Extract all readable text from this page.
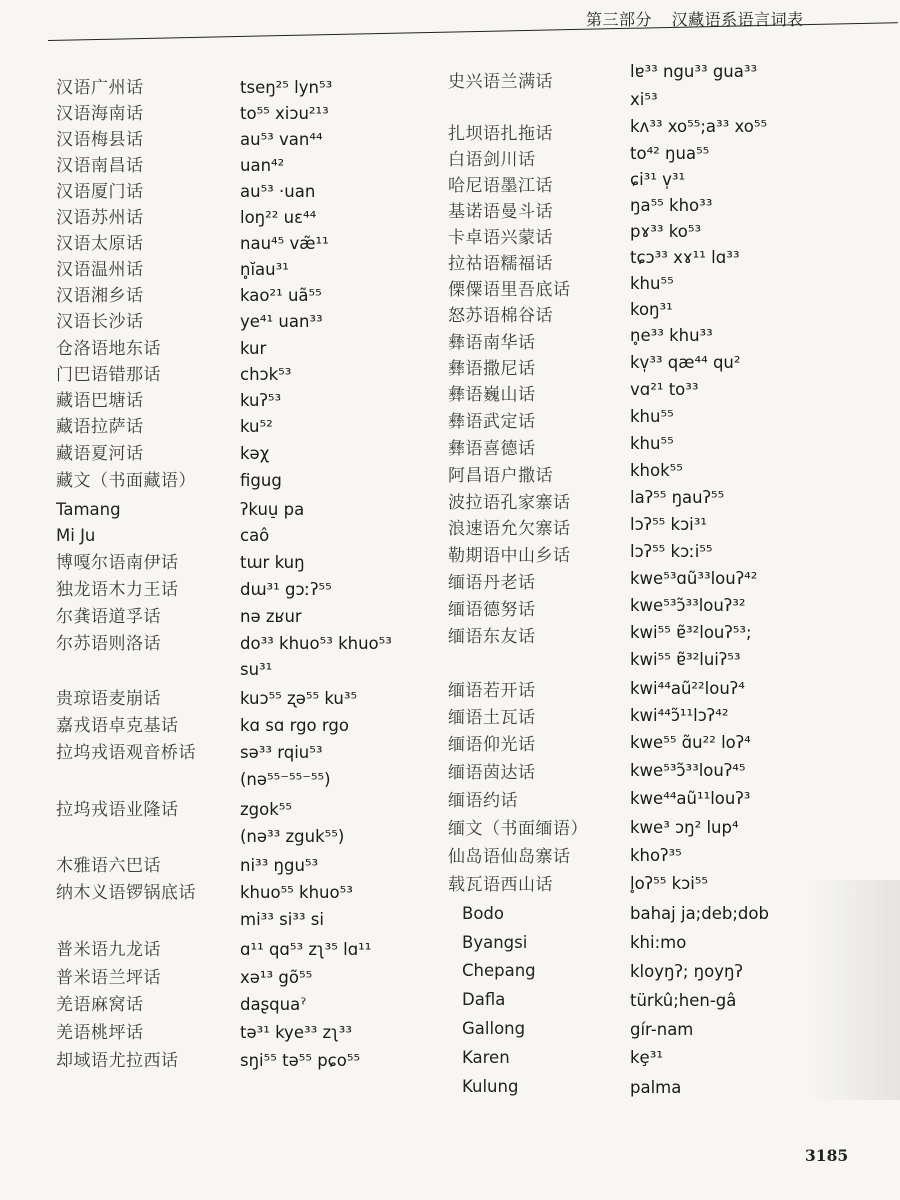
第三部分 汉藏语系语言词表
汉语广州话
汉语海南话
汉语梅县话
汉语南昌话
汉语厦门话
汉语苏州话
汉语太原话
汉语温州话
汉语湘乡话
汉语长沙话
仓洛语地东话
门巴语错那话
藏语巴塘话
藏语拉萨话
藏语夏河话
藏文（书面藏语）
Tamang
Mi Ju
博嘎尔语南伊话
独龙语木力王话
尔龚语道孚话
尔苏语则洛话
贵琼语麦崩话
嘉戎语卓克基话
拉坞戎语观音桥话
拉坞戎语业隆话
木雅语六巴话
纳木义语锣锅底话
普米语九龙话
普米语兰坪话
羌语麻窝话
羌语桃坪话
却域语尤拉西话
tseŋ²⁵ lyn⁵³
to⁵⁵ xiɔu²¹³
au⁵³ van⁴⁴
uan⁴²
au⁵³ ·uan
loŋ²² uɛ⁴⁴
nau⁴⁵ væ̃¹¹
n̥ĭau³¹
kao²¹ uã⁵⁵
ye⁴¹ uan³³
kur
chɔk⁵³
kuʔ⁵³
ku⁵²
kəχ
figug
ʔkuu̠ pa
caô
tɯr kuŋ
dɯ³¹ gɔːʔ⁵⁵
nə zʁur
do³³ khuo⁵³ khuo⁵³
su³¹
kuɔ⁵⁵ ʐə⁵⁵ ku³⁵
kɑ sɑ rgo rgo
sə³³ rqiu⁵³
(nə⁵⁵⁻⁵⁵⁻⁵⁵)
zgok⁵⁵
(nə³³ zguk⁵⁵)
ni³³ ŋgu⁵³
khuo⁵⁵ khuo⁵³
mi³³ si³³ si
ɑ¹¹ qɑ⁵³ zʅ³⁵ lɑ¹¹
xə¹³ gõ⁵⁵
daʂquaˀ
tə³¹ kye³³ zʅ³³
sŋi⁵⁵ tə⁵⁵ pɕo⁵⁵
史兴语兰满话
扎坝语扎拖话
白语剑川话
哈尼语墨江话
基诺语曼斗话
卡卓语兴蒙话
拉祜语糯福话
傈僳语里吾底话
怒苏语棉谷话
彝语南华话
彝语撒尼话
彝语巍山话
彝语武定话
彝语喜德话
阿昌语户撒话
波拉语孔家寨话
浪速语允欠寨话
勒期语中山乡话
缅语丹老话
缅语德努话
缅语东友话
缅语若开话
缅语土瓦话
缅语仰光话
缅语茵达话
缅语约话
缅文（书面缅语）
仙岛语仙岛寨话
载瓦语西山话
Bodo
Byangsi
Chepang
Dafla
Gallong
Karen
Kulung
lɐ³³ ngu³³ gua³³
xi⁵³
kʌ³³ xo⁵⁵;a³³ xo⁵⁵
to⁴² ŋua⁵⁵
ɕi³¹ v̩³¹
ŋa⁵⁵ kho³³
pɤ³³ ko⁵³
tɕɔ³³ xɤ¹¹ lɑ³³
khu⁵⁵
koŋ³¹
n̥e³³ khu³³
kv̩³³ qæ⁴⁴ qu²
vɑ²¹ to³³
khu⁵⁵
khu⁵⁵
khok⁵⁵
laʔ⁵⁵ ŋauʔ⁵⁵
lɔʔ⁵⁵ kɔi³¹
lɔʔ⁵⁵ kɔːi⁵⁵
kwe⁵³ɑũ³³louʔ⁴²
kwe⁵³ɔ̃³³louʔ³²
kwi⁵⁵ ɐ̃³²louʔ⁵³;
kwi⁵⁵ ɐ̃³²luiʔ⁵³
kwi⁴⁴aũ²²louʔ⁴
kwi⁴⁴ɔ̃¹¹lɔʔ⁴²
kwe⁵⁵ ɑ̃u²² loʔ⁴
kwe⁵³ɔ̃³³louʔ⁴⁵
kwe⁴⁴aũ¹¹louʔ³
kwe³ ɔŋ² lup⁴
khoʔ³⁵
l̥oʔ⁵⁵ kɔi⁵⁵
bahaj ja;deb;dob
khi:mo
kloyŋʔ; ŋoyŋʔ
türkû;hen-gâ
gír-nam
kȩ³¹
palma
3185
